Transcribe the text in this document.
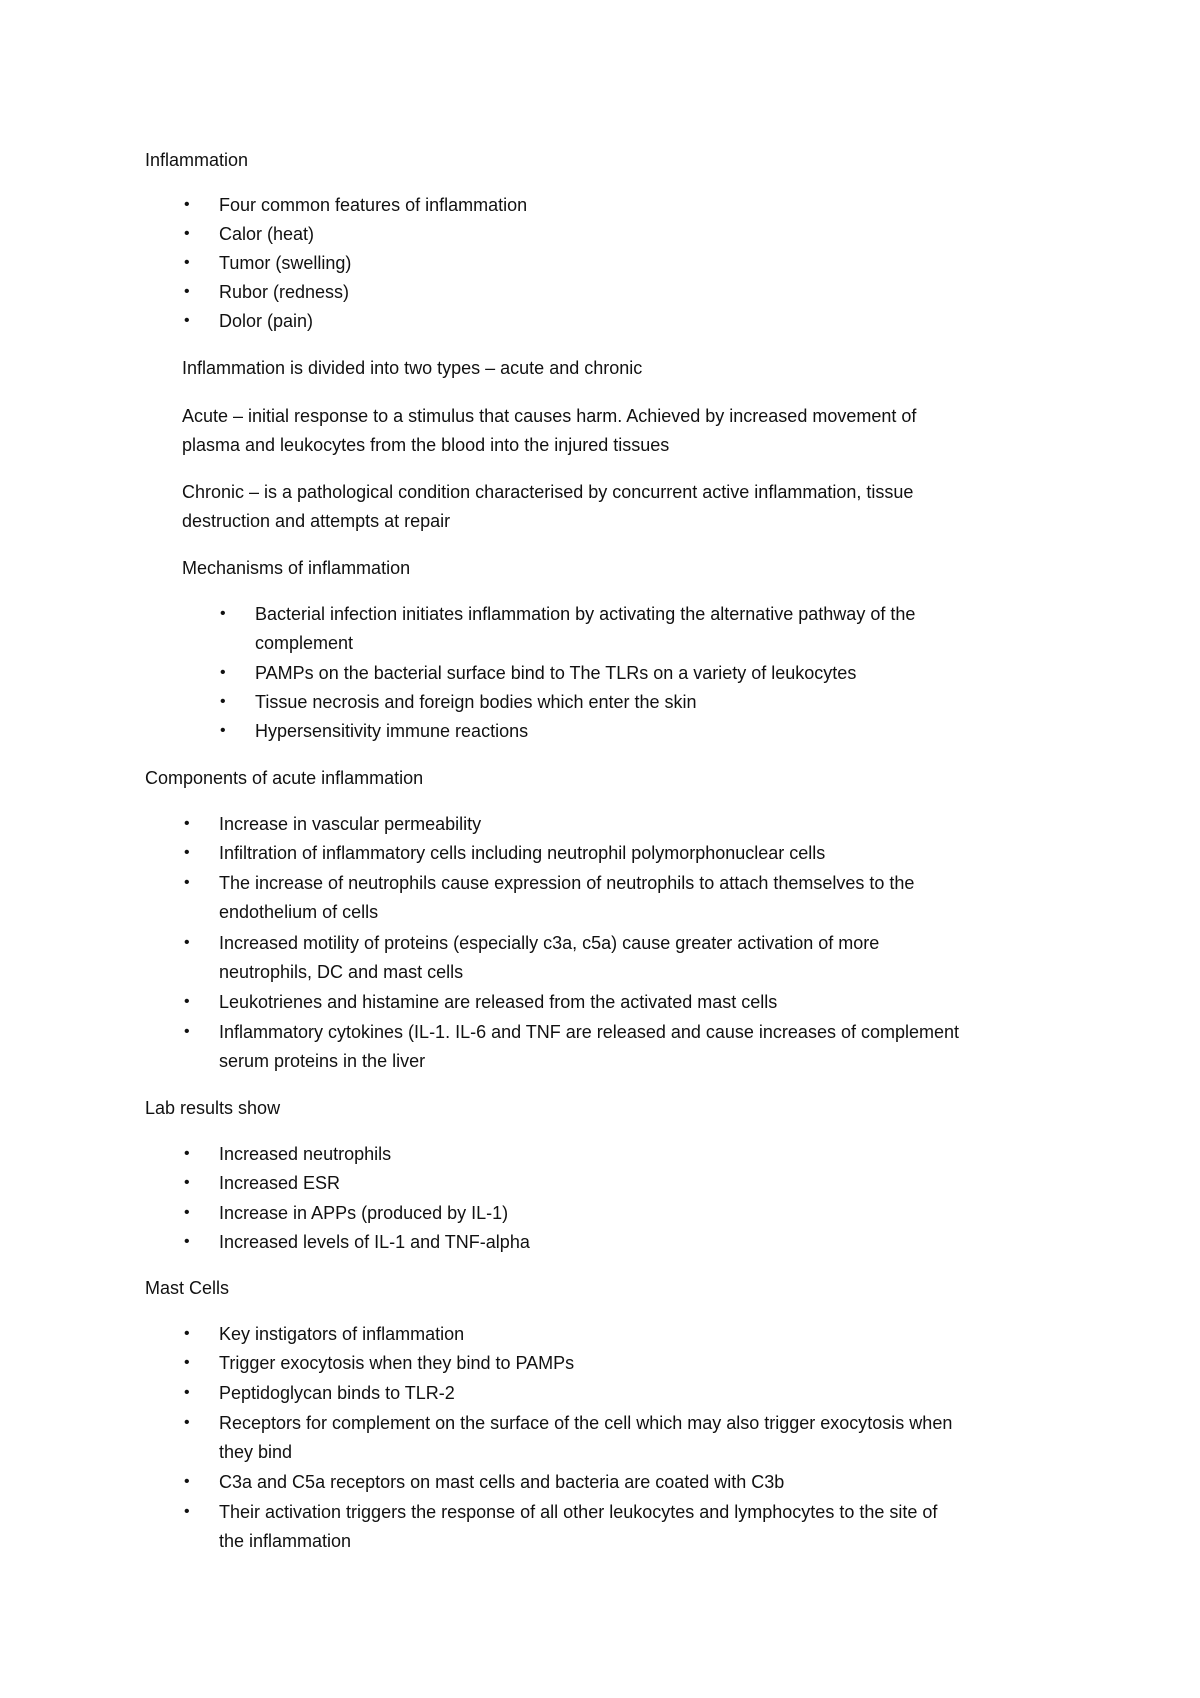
Inflammation

• Four common features of inflammation

• Calor (heat)

• Tumor (swelling)

• Rubor (redness)

• Dolor (pain)

Inflammation is divided into two types – acute and chronic

Acute – initial response to a stimulus that causes harm. Achieved by increased movement of

plasma and leukocytes from the blood into the injured tissues

Chronic – is a pathological condition characterised by concurrent active inflammation, tissue

destruction and attempts at repair

Mechanisms of inflammation

• Bacterial infection initiates inflammation by activating the alternative pathway of the

complement

• PAMPs on the bacterial surface bind to The TLRs on a variety of leukocytes

• Tissue necrosis and foreign bodies which enter the skin

• Hypersensitivity immune reactions

Components of acute inflammation

• Increase in vascular permeability

• Infiltration of inflammatory cells including neutrophil polymorphonuclear cells

• The increase of neutrophils cause expression of neutrophils to attach themselves to the

endothelium of cells

• Increased motility of proteins (especially c3a, c5a) cause greater activation of more

neutrophils, DC and mast cells

• Leukotrienes and histamine are released from the activated mast cells

• Inflammatory cytokines (IL-1. IL-6 and TNF are released and cause increases of complement

serum proteins in the liver

Lab results show

• Increased neutrophils

• Increased ESR

• Increase in APPs (produced by IL-1)

• Increased levels of IL-1 and TNF-alpha

Mast Cells

• Key instigators of inflammation

• Trigger exocytosis when they bind to PAMPs

• Peptidoglycan binds to TLR-2

• Receptors for complement on the surface of the cell which may also trigger exocytosis when

they bind

• C3a and C5a receptors on mast cells and bacteria are coated with C3b

• Their activation triggers the response of all other leukocytes and lymphocytes to the site of

the inflammation
